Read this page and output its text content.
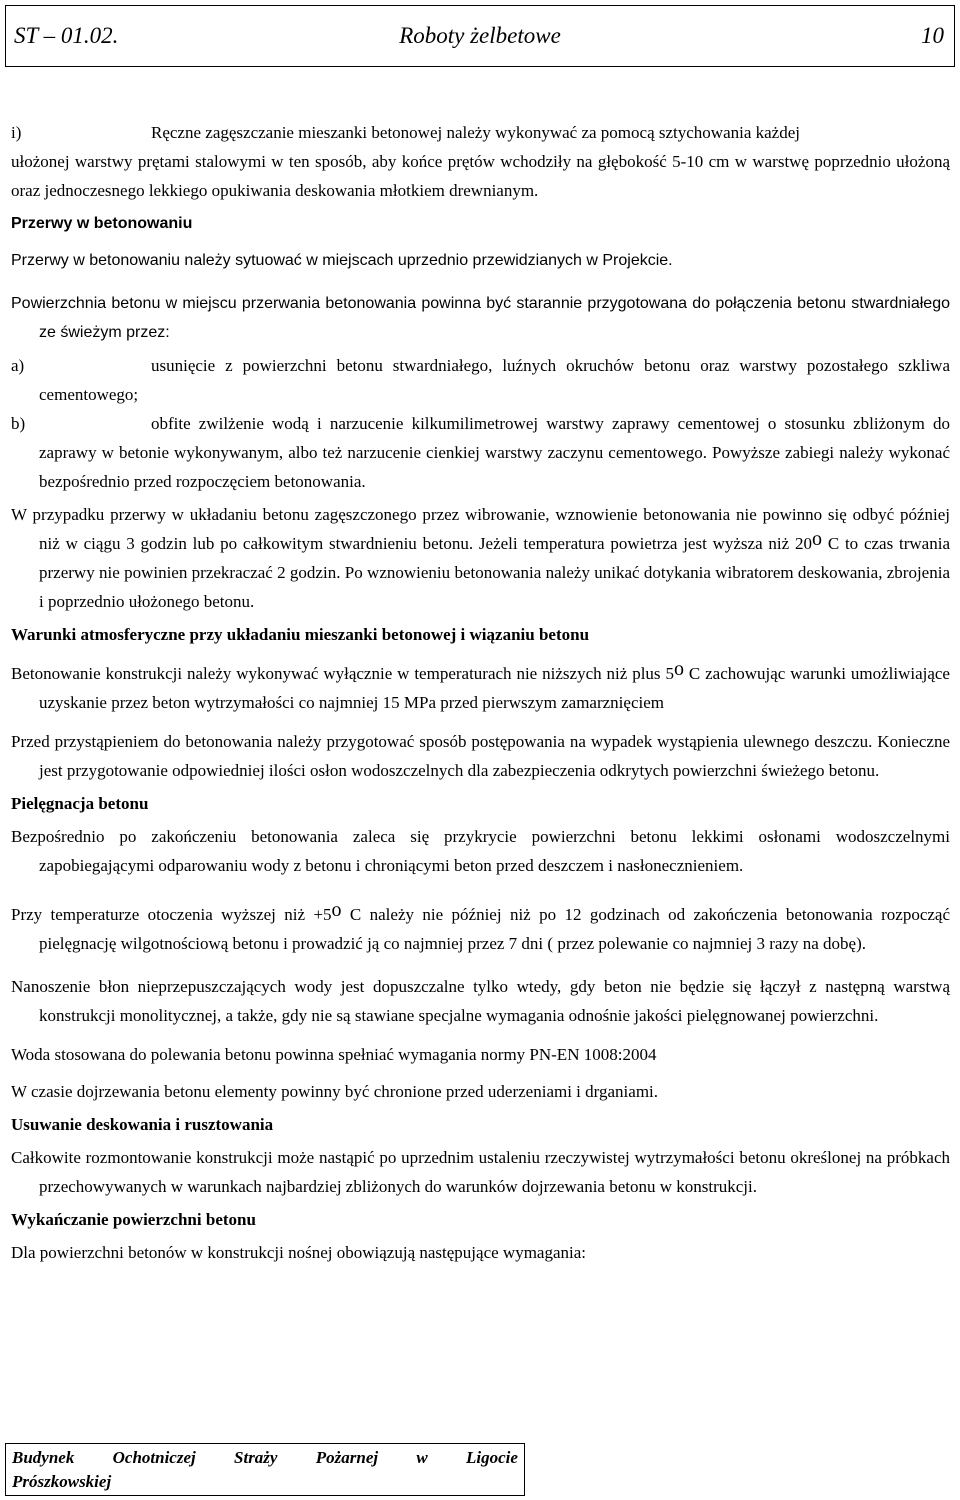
ST – 01.02.	Roboty żelbetowe	10
i)	Ręczne zagęszczanie mieszanki betonowej należy wykonywać za pomocą sztychowania każdej

ułożonej warstwy prętami stalowymi w ten sposób, aby końce prętów wchodziły na głębokość 5-10 cm w warstwę poprzednio ułożoną oraz jednoczesnego lekkiego opukiwania deskowania młotkiem drewnianym.

Przerwy w betonowaniu

Przerwy w betonowaniu należy sytuować w miejscach uprzednio przewidzianych w Projekcie.

Powierzchnia betonu w miejscu przerwania betonowania powinna być starannie przygotowana do połączenia betonu stwardniałego ze świeżym przez:

a)	usunięcie z powierzchni betonu stwardniałego, luźnych okruchów betonu oraz warstwy pozostałego szkliwa cementowego;
b)	obfite zwilżenie wodą i narzucenie kilkumilimetrowej warstwy zaprawy cementowej o stosunku zbliżonym do zaprawy w betonie wykonywanym, albo też narzucenie cienkiej warstwy zaczynu cementowego. Powyższe zabiegi należy wykonać bezpośrednio przed rozpoczęciem betonowania.

W przypadku przerwy w układaniu betonu zagęszczonego przez wibrowanie, wznowienie betonowania nie powinno się odbyć później niż w ciągu 3 godzin lub po całkowitym stwardnieniu betonu. Jeżeli temperatura powietrza jest wyższa niż 20o C to czas trwania przerwy nie powinien przekraczać 2 godzin. Po wznowieniu betonowania należy unikać dotykania wibratorem deskowania, zbrojenia i poprzednio ułożonego betonu.

Warunki atmosferyczne przy układaniu mieszanki betonowej i wiązaniu betonu

Betonowanie konstrukcji należy wykonywać wyłącznie w temperaturach nie niższych niż plus 5o C zachowując warunki umożliwiające uzyskanie przez beton wytrzymałości co najmniej 15 MPa przed pierwszym zamarznięciem

Przed przystąpieniem do betonowania należy przygotować sposób postępowania na wypadek wystąpienia ulewnego deszczu. Konieczne jest przygotowanie odpowiedniej ilości osłon wodoszczelnych dla zabezpieczenia odkrytych powierzchni świeżego betonu.

Pielęgnacja betonu

Bezpośrednio po zakończeniu betonowania zaleca się przykrycie powierzchni betonu lekkimi osłonami wodoszczelnymi zapobiegającymi odparowaniu wody z betonu i chroniącymi beton przed deszczem i nasłonecznieniem.

Przy temperaturze otoczenia wyższej niż +5o C należy nie później niż po 12 godzinach od zakończenia betonowania rozpocząć pielęgnację wilgotnościową betonu i prowadzić ją co najmniej przez 7 dni ( przez polewanie co najmniej 3 razy na dobę).

Nanoszenie błon nieprzepuszczających wody jest dopuszczalne tylko wtedy, gdy beton nie będzie się łączył z następną warstwą konstrukcji monolitycznej, a także, gdy nie są stawiane specjalne wymagania odnośnie jakości pielęgnowanej powierzchni.

Woda stosowana do polewania betonu powinna spełniać wymagania normy PN-EN 1008:2004

W czasie dojrzewania betonu elementy powinny być chronione przed uderzeniami i drganiami.

Usuwanie deskowania i rusztowania

Całkowite rozmontowanie konstrukcji może nastąpić po uprzednim ustaleniu rzeczywistej wytrzymałości betonu określonej na próbkach przechowywanych w warunkach najbardziej zbliżonych do warunków dojrzewania betonu w konstrukcji.

Wykańczanie powierzchni betonu

Dla powierzchni betonów w konstrukcji nośnej obowiązują następujące wymagania:

Budynek Ochotniczej Straży Pożarnej w Ligocie
Prószkowskiej
